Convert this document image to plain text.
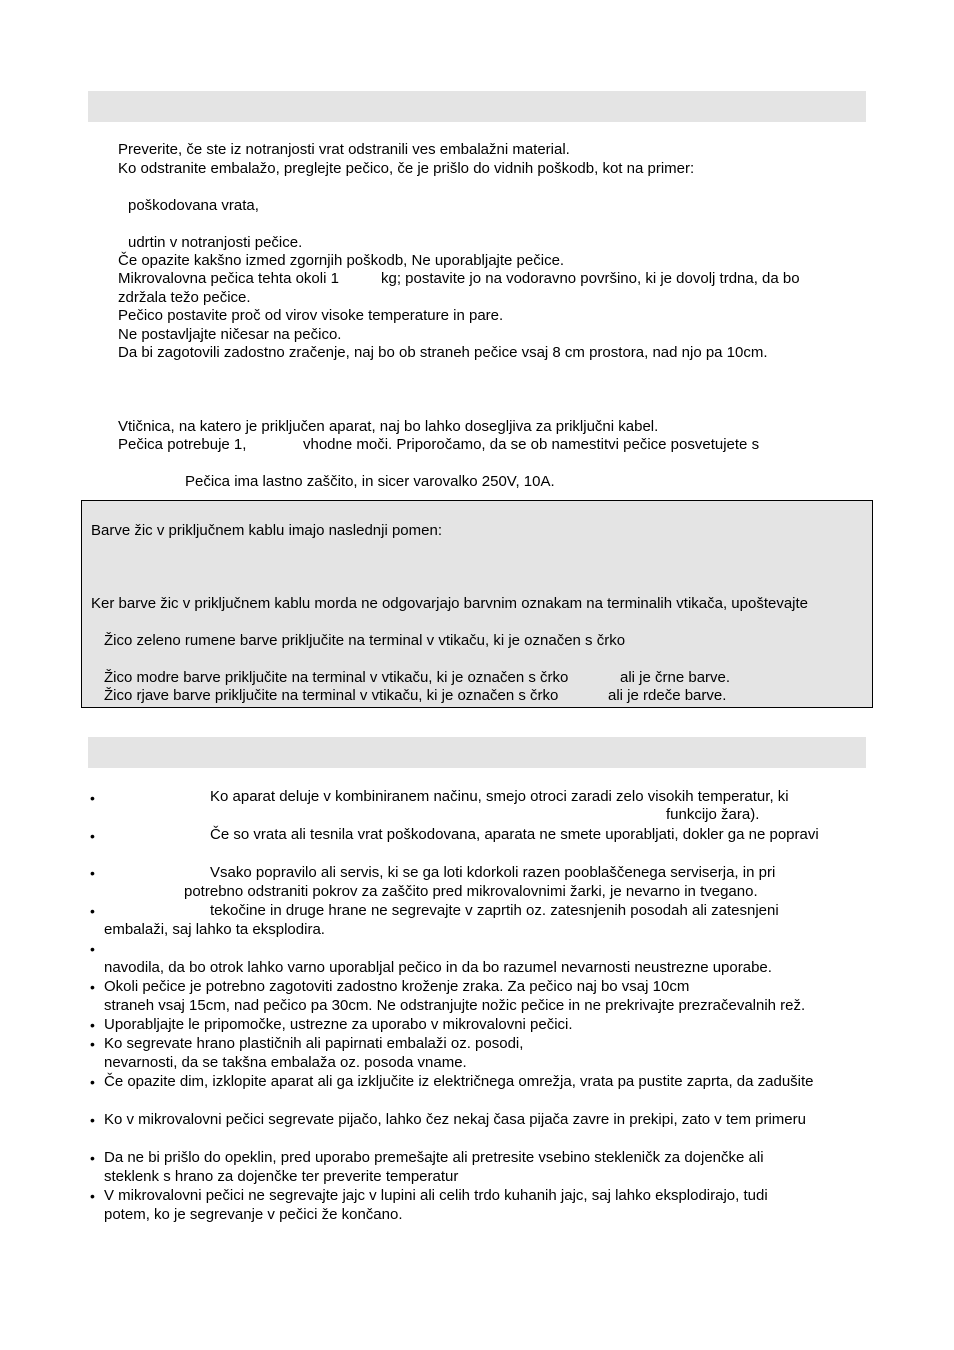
Preverite, če ste iz notranjosti vrat odstranili ves embalažni material.
Ko odstranite embalažo, preglejte pečico, če je prišlo do vidnih poškodb, kot na primer:
poškodovana vrata,
udrtin v notranjosti pečice.
Če opazite kakšno izmed zgornjih poškodb, Ne uporabljajte pečice.
Mikrovalovna pečica tehta okoli 1	kg; postavite jo na vodoravno površino, ki je dovolj trdna, da bo
zdržala težo pečice.
Pečico postavite proč od virov visoke temperature in pare.
Ne postavljajte ničesar na pečico.
Da bi zagotovili zadostno zračenje, naj bo ob straneh pečice vsaj 8 cm prostora, nad njo pa 10cm.
Vtičnica, na katero je priključen aparat, naj bo lahko dosegljiva za priključni kabel.
Pečica potrebuje 1,	vhodne moči. Priporočamo, da se ob namestitvi pečice posvetujete s
Pečica ima lastno zaščito, in sicer varovalko 250V, 10A.
Barve žic v priključnem kablu imajo naslednji pomen:
Ker barve žic v priključnem kablu morda ne odgovarjajo barvnim oznakam na terminalih vtikača, upoštevajte
Žico zeleno rumene barve priključite na terminal v vtikaču, ki je označen s črko
Žico modre barve priključite na terminal v vtikaču, ki je označen s črko	ali je črne barve.
Žico rjave barve priključite na terminal v vtikaču, ki je označen s črko	ali je rdeče barve.
•
•
•
•
•
•
•
•
•
•
•
•
Ko aparat deluje v kombiniranem načinu, smejo otroci zaradi zelo visokih temperatur, ki
funkcijo žara).
Če so vrata ali tesnila vrat poškodovana, aparata ne smete uporabljati, dokler ga ne popravi
Vsako popravilo ali servis, ki se ga loti kdorkoli razen pooblaščenega serviserja, in pri
potrebno odstraniti pokrov za zaščito pred mikrovalovnimi žarki, je nevarno in tvegano.
tekočine in druge hrane ne segrevajte v zaprtih oz. zatesnjenih posodah ali zatesnjeni
embalaži, saj lahko ta eksplodira.
navodila, da bo otrok lahko varno uporabljal pečico in da bo razumel nevarnosti neustrezne uporabe.
Okoli pečice je potrebno zagotoviti zadostno kroženje zraka. Za pečico naj bo vsaj 10cm
straneh vsaj 15cm, nad pečico pa 30cm. Ne odstranjujte nožic pečice in ne prekrivajte prezračevalnih rež.
Uporabljajte le pripomočke, ustrezne za uporabo v mikrovalovni pečici.
Ko segrevate hrano plastičnih ali papirnati embalaži oz. posodi,
nevarnosti, da se takšna embalaža oz. posoda vname.
Če opazite dim, izklopite aparat ali ga izključite iz električnega omrežja, vrata pa pustite zaprta, da zadušite
Ko v mikrovalovni pečici segrevate pijačo, lahko čez nekaj časa pijača zavre in prekipi, zato v tem primeru
Da ne bi prišlo do opeklin, pred uporabo premešajte ali pretresite vsebino stekleničk za dojenčke ali
steklenk s hrano za dojenčke ter preverite temperatur
V mikrovalovni pečici ne segrevajte jajc v lupini ali celih trdo kuhanih jajc, saj lahko eksplodirajo, tudi
potem, ko je segrevanje v pečici že končano.
